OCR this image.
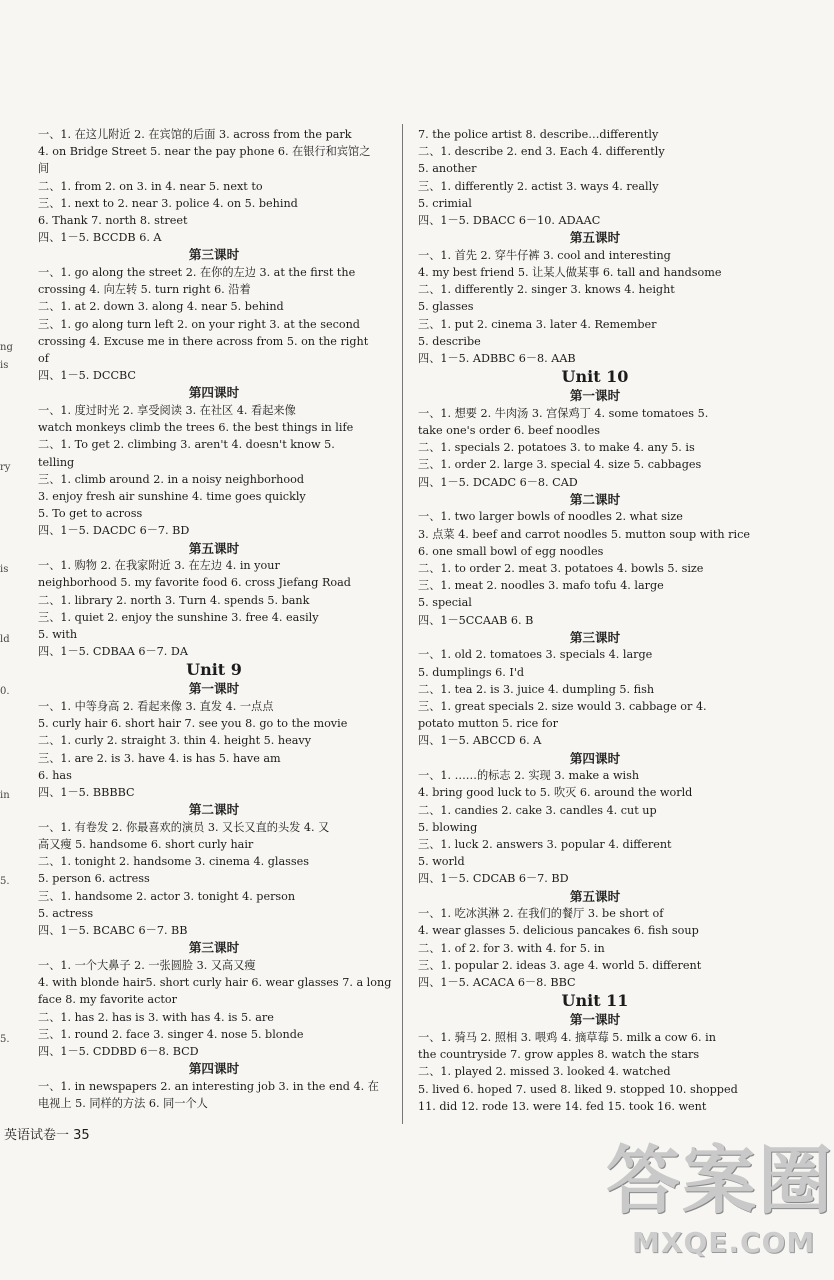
ng
is
ry
is
ld
0.
in
5.
5.
一、1. 在这儿附近 2. 在宾馆的后面 3. across from the park
4. on Bridge Street 5. near the pay phone 6. 在银行和宾馆之
间
二、1. from 2. on 3. in 4. near 5. next to
三、1. next to 2. near 3. police 4. on 5. behind
6. Thank 7. north 8. street
四、1－5. BCCDB 6. A
第三课时
一、1. go along the street 2. 在你的左边 3. at the first the
crossing 4. 向左转 5. turn right 6. 沿着
二、1. at 2. down 3. along 4. near 5. behind
三、1. go along turn left 2. on your right 3. at the second
crossing 4. Excuse me in there across from 5. on the right
of
四、1－5. DCCBC
第四课时
一、1. 度过时光 2. 享受阅读 3. 在社区 4. 看起来像
watch monkeys climb the trees 6. the best things in life
二、1. To get 2. climbing 3. aren't 4. doesn't know 5.
telling
三、1. climb around 2. in a noisy neighborhood
3. enjoy fresh air sunshine 4. time goes quickly
5. To get to across
四、1－5. DACDC 6－7. BD
第五课时
一、1. 购物 2. 在我家附近 3. 在左边 4. in your
neighborhood 5. my favorite food 6. cross Jiefang Road
二、1. library 2. north 3. Turn 4. spends 5. bank
三、1. quiet 2. enjoy the sunshine 3. free 4. easily
5. with
四、1－5. CDBAA 6－7. DA
Unit 9
第一课时
一、1. 中等身高 2. 看起来像 3. 直发 4. 一点点
5. curly hair 6. short hair 7. see you 8. go to the movie
二、1. curly 2. straight 3. thin 4. height 5. heavy
三、1. are 2. is 3. have 4. is has 5. have am
6. has
四、1－5. BBBBC
第二课时
一、1. 有卷发 2. 你最喜欢的演员 3. 又长又直的头发 4. 又
高又瘦 5. handsome 6. short curly hair
二、1. tonight 2. handsome 3. cinema 4. glasses
5. person 6. actress
三、1. handsome 2. actor 3. tonight 4. person
5. actress
四、1－5. BCABC 6－7. BB
第三课时
一、1. 一个大鼻子 2. 一张圆脸 3. 又高又瘦
4. with blonde hair5. short curly hair 6. wear glasses 7. a long
face 8. my favorite actor
二、1. has 2. has is 3. with has 4. is 5. are
三、1. round 2. face 3. singer 4. nose 5. blonde
四、1－5. CDDBD 6－8. BCD
第四课时
一、1. in newspapers 2. an interesting job 3. in the end 4. 在
电视上 5. 同样的方法 6. 同一个人
7. the police artist 8. describe…differently
二、1. describe 2. end 3. Each 4. differently
5. another
三、1. differently 2. actist 3. ways 4. really
5. crimial
四、1－5. DBACC 6－10. ADAAC
第五课时
一、1. 首先 2. 穿牛仔裤 3. cool and interesting
4. my best friend 5. 让某人做某事 6. tall and handsome
二、1. differently 2. singer 3. knows 4. height
5. glasses
三、1. put 2. cinema 3. later 4. Remember
5. describe
四、1－5. ADBBC 6－8. AAB
Unit 10
第一课时
一、1. 想要 2. 牛肉汤 3. 宫保鸡丁 4. some tomatoes 5.
take one's order 6. beef noodles
二、1. specials 2. potatoes 3. to make 4. any 5. is
三、1. order 2. large 3. special 4. size 5. cabbages
四、1－5. DCADC 6－8. CAD
第二课时
一、1. two larger bowls of noodles 2. what size
3. 点菜 4. beef and carrot noodles 5. mutton soup with rice
6. one small bowl of egg noodles
二、1. to order 2. meat 3. potatoes 4. bowls 5. size
三、1. meat 2. noodles 3. mafo tofu 4. large
5. special
四、1－5CCAAB 6. B
第三课时
一、1. old 2. tomatoes 3. specials 4. large
5. dumplings 6. I'd
二、1. tea 2. is 3. juice 4. dumpling 5. fish
三、1. great specials 2. size would 3. cabbage or 4.
potato mutton 5. rice for
四、1－5. ABCCD 6. A
第四课时
一、1. ……的标志 2. 实现 3. make a wish
4. bring good luck to 5. 吹灭 6. around the world
二、1. candies 2. cake 3. candles 4. cut up
5. blowing
三、1. luck 2. answers 3. popular 4. different
5. world
四、1－5. CDCAB 6－7. BD
第五课时
一、1. 吃冰淇淋 2. 在我们的餐厅 3. be short of
4. wear glasses 5. delicious pancakes 6. fish soup
二、1. of 2. for 3. with 4. for 5. in
三、1. popular 2. ideas 3. age 4. world 5. different
四、1－5. ACACA 6－8. BBC
Unit 11
第一课时
一、1. 骑马 2. 照相 3. 喂鸡 4. 摘草莓 5. milk a cow 6. in
the countryside 7. grow apples 8. watch the stars
二、1. played 2. missed 3. looked 4. watched
5. lived 6. hoped 7. used 8. liked 9. stopped 10. shopped
11. did 12. rode 13. were 14. fed 15. took 16. went
英语试卷一 35
答案圈
MXQE.COM
